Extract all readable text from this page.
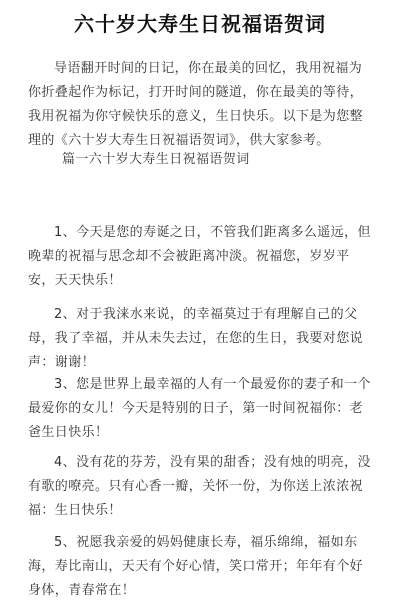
六十岁大寿生日祝福语贺词

导语翻开时间的日记，你在最美的回忆，我用祝福为你折叠起作为标记，打开时间的隧道，你在最美的等待，我用祝福为你守候快乐的意义，生日快乐。以下是为您整理的《六十岁大寿生日祝福语贺词》，供大家参考。

篇一六十岁大寿生日祝福语贺词

1、今天是您的寿诞之日，不管我们距离多么遥远，但晚辈的祝福与思念却不会被距离冲淡。祝福您，岁岁平安，天天快乐！

2、对于我涞水来说，的幸福莫过于有理解自己的父母，我了幸福，并从未失去过，在您的生日，我要对您说声：谢谢！

3、您是世界上最幸福的人有一个最爱你的妻子和一个最爱你的女儿！今天是特别的日子，第一时间祝福你：老爸生日快乐！

4、没有花的芬芳，没有果的甜香；没有烛的明亮，没有歌的嘹亮。只有心香一瓣，关怀一份，为你送上浓浓祝福：生日快乐！

5、祝愿我亲爱的妈妈健康长寿，福乐绵绵，福如东海，寿比南山，天天有个好心情，笑口常开；年年有个好身体，青春常在！
